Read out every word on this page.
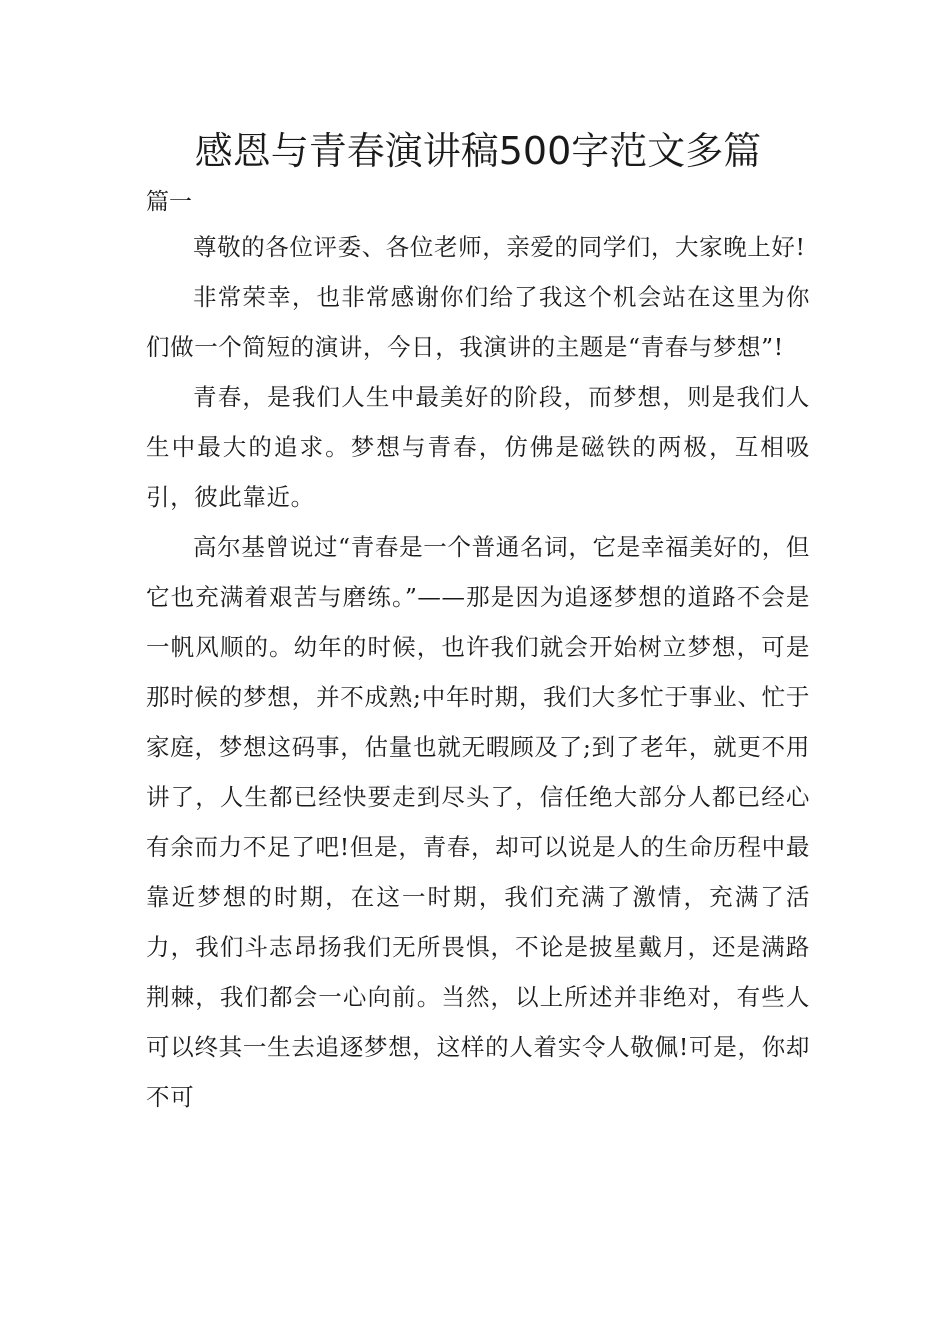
感恩与青春演讲稿500字范文多篇

篇一

尊敬的各位评委、各位老师，亲爱的同学们，大家晚上好!

非常荣幸，也非常感谢你们给了我这个机会站在这里为你们做一个简短的演讲，今日，我演讲的主题是“青春与梦想”!

青春，是我们人生中最美好的阶段，而梦想，则是我们人生中最大的追求。梦想与青春，仿佛是磁铁的两极，互相吸引，彼此靠近。

高尔基曾说过“青春是一个普通名词，它是幸福美好的，但它也充满着艰苦与磨练。”——那是因为追逐梦想的道路不会是一帆风顺的。幼年的时候，也许我们就会开始树立梦想，可是那时候的梦想，并不成熟;中年时期，我们大多忙于事业、忙于家庭，梦想这码事，估量也就无暇顾及了;到了老年，就更不用讲了，人生都已经快要走到尽头了，信任绝大部分人都已经心有余而力不足了吧!但是，青春，却可以说是人的生命历程中最靠近梦想的时期，在这一时期，我们充满了激情，充满了活力，我们斗志昂扬我们无所畏惧，不论是披星戴月，还是满路荆棘，我们都会一心向前。当然，以上所述并非绝对，有些人可以终其一生去追逐梦想，这样的人着实令人敬佩!可是，你却不可
